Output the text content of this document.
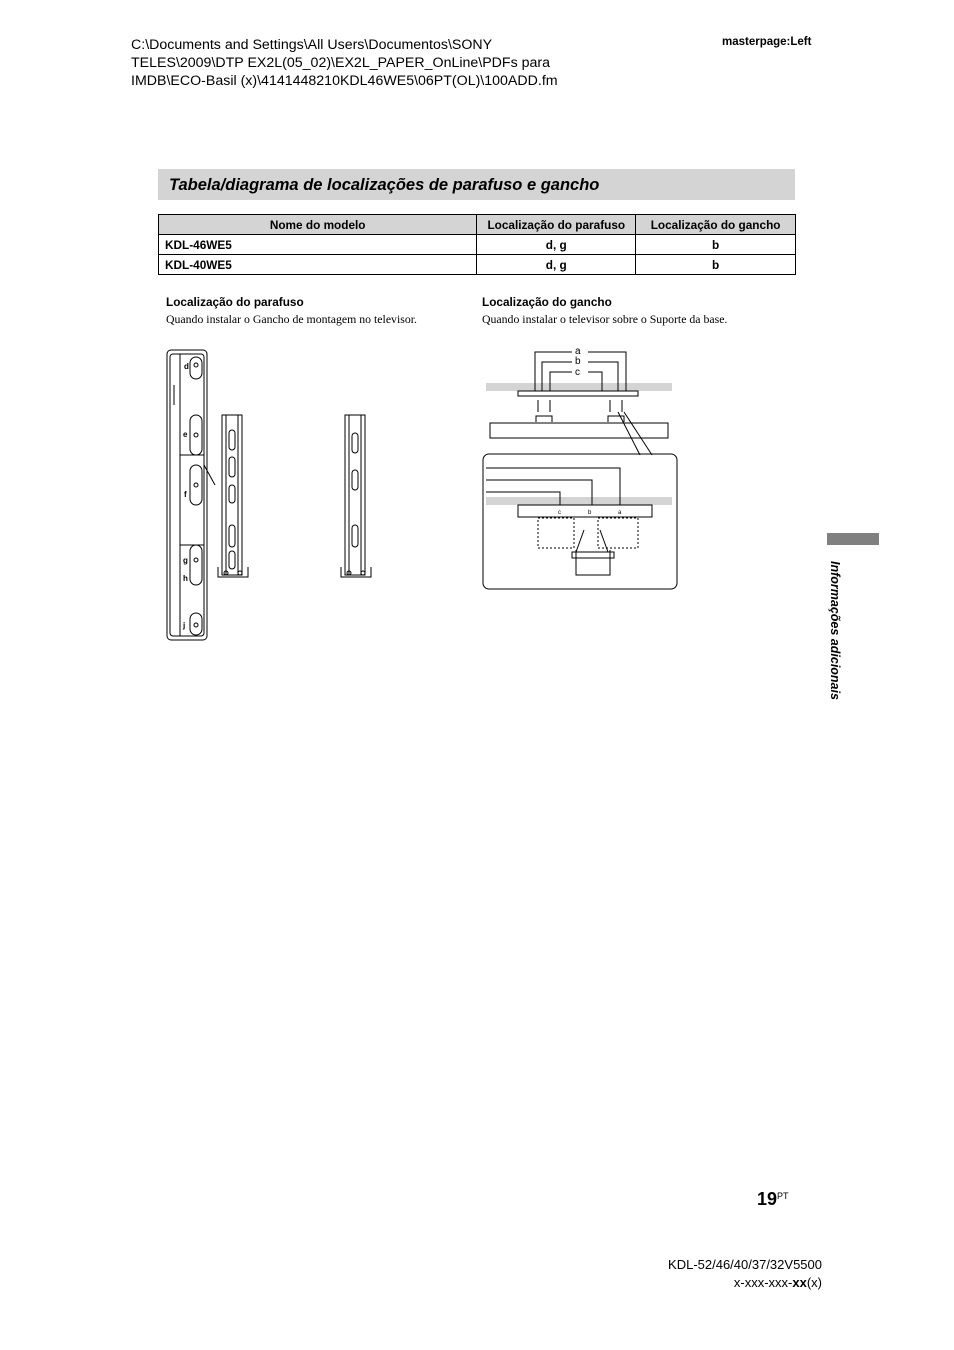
C:\Documents and Settings\All Users\Documentos\SONY
TELES\2009\DTP EX2L(05_02)\EX2L_PAPER_OnLine\PDFs para
IMDB\ECO-Basil (x)\4141448210KDL46WE5\06PT(OL)\100ADD.fm
masterpage:Left
Tabela/diagrama de localizações de parafuso e gancho
Nome do modelo	Localização do parafuso	Localização do gancho
KDL-46WE5	d, g	b
KDL-40WE5	d, g	b
Localização do parafuso
Quando instalar o Gancho de montagem no televisor.
Localização do gancho
Quando instalar o televisor sobre o Suporte da base.
d
e
f
g
h
j
a
b
c
c	b	a
Informações adicionais
$19^{PT}$
KDL-52/46/40/37/32V5500
x-xxx-xxx-xx(x)
